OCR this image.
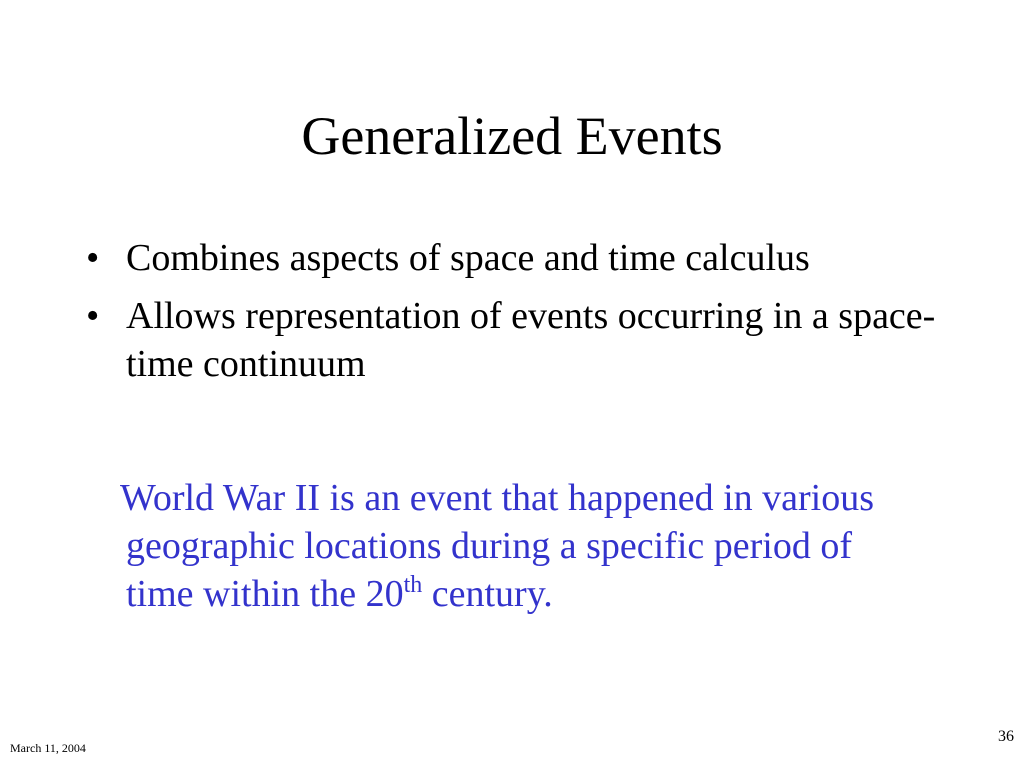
Generalized Events
• Combines aspects of space and time calculus
• Allows representation of events occurring in a space-time continuum
World War II is an event that happened in various geographic locations during a specific period of time within the 20th century.
March 11, 2004
36
